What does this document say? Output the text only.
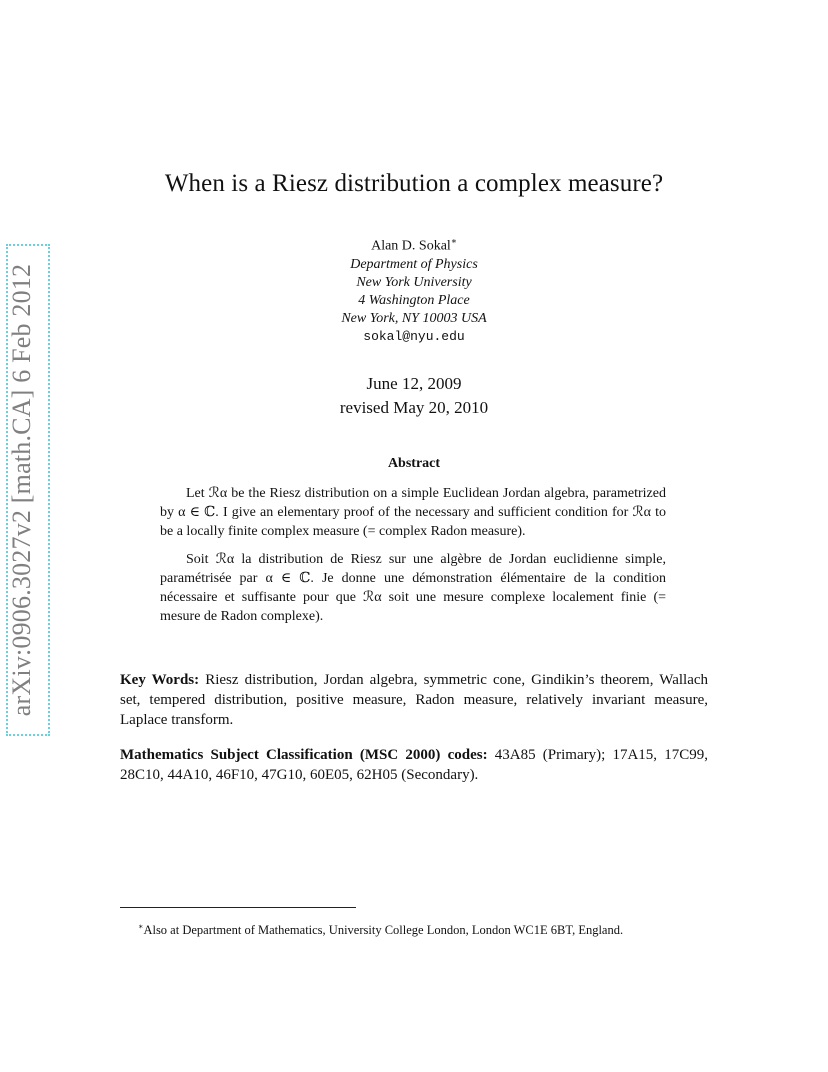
arXiv:0906.3027v2 [math.CA] 6 Feb 2012
When is a Riesz distribution a complex measure?
Alan D. Sokal∗
Department of Physics
New York University
4 Washington Place
New York, NY 10003 USA
sokal@nyu.edu
June 12, 2009
revised May 20, 2010
Abstract

Let ℛα be the Riesz distribution on a simple Euclidean Jordan algebra, parametrized by α ∈ ℂ. I give an elementary proof of the necessary and sufficient condition for ℛα to be a locally finite complex measure (= complex Radon measure).

Soit ℛα la distribution de Riesz sur une algèbre de Jordan euclidienne simple, paramétrisée par α ∈ ℂ. Je donne une démonstration élémentaire de la condition nécessaire et suffisante pour que ℛα soit une mesure complexe localement finie (= mesure de Radon complexe).

Key Words: Riesz distribution, Jordan algebra, symmetric cone, Gindikin’s theorem, Wallach set, tempered distribution, positive measure, Radon measure, relatively invariant measure, Laplace transform.
Mathematics Subject Classification (MSC 2000) codes: 43A85 (Primary); 17A15, 17C99, 28C10, 44A10, 46F10, 47G10, 60E05, 62H05 (Secondary).
∗Also at Department of Mathematics, University College London, London WC1E 6BT, England.
